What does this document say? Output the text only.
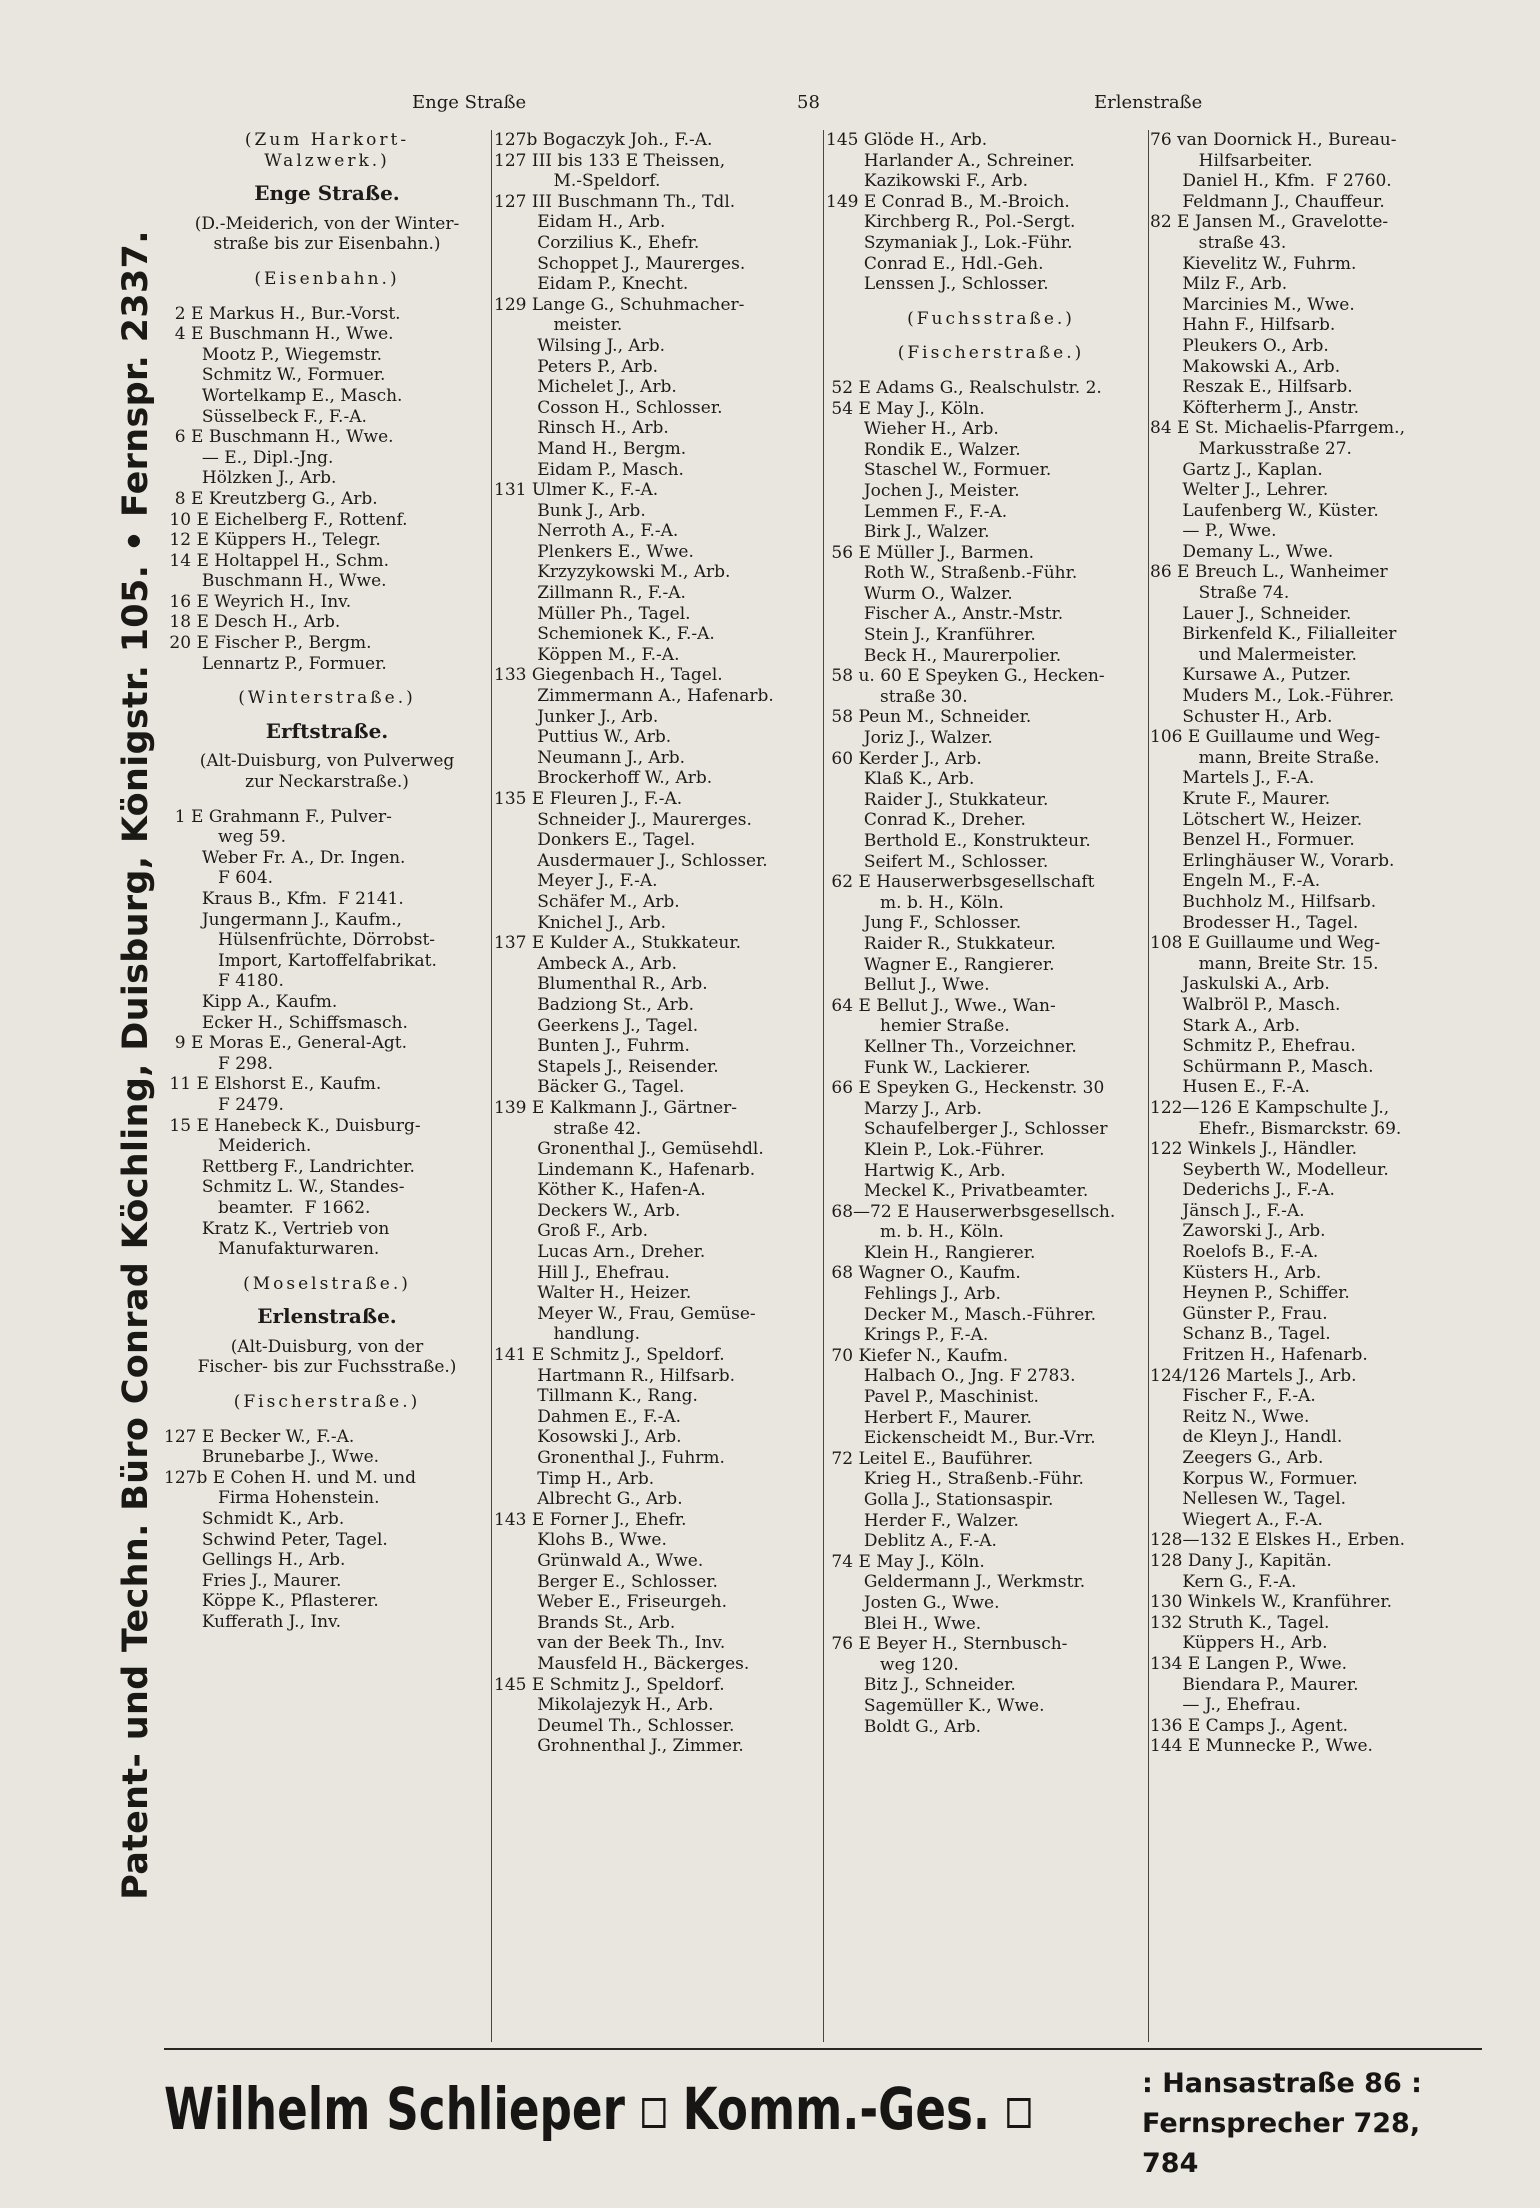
Patent- und Techn. Büro Conrad Köchling, Duisburg, Königstr. 105. • Fernspr. 2337.
Enge Straße	58	Erlenstraße
(Zum Harkort-
Walzwerk.)
Enge Straße.
(D.-Meiderich, von der Winter-
straße bis zur Eisenbahn.)
(Eisenbahn.)
2 E Markus H., Bur.-Vorst.
4 E Buschmann H., Wwe.
Mootz P., Wiegemstr.
Schmitz W., Formuer.
Wortelkamp E., Masch.
Süsselbeck F., F.-A.
6 E Buschmann H., Wwe.
— E., Dipl.-Jng.
Hölzken J., Arb.
8 E Kreutzberg G., Arb.
10 E Eichelberg F., Rottenf.
12 E Küppers H., Telegr.
14 E Holtappel H., Schm.
Buschmann H., Wwe.
16 E Weyrich H., Inv.
18 E Desch H., Arb.
20 E Fischer P., Bergm.
Lennartz P., Formuer.
(Winterstraße.)
Erftstraße.
(Alt-Duisburg, von Pulverweg
zur Neckarstraße.)
1 E Grahmann F., Pulver-
weg 59.
Weber Fr. A., Dr. Ingen.
F 604.
Kraus B., Kfm.  F 2141.
Jungermann J., Kaufm.,
Hülsenfrüchte, Dörrobst-
Import, Kartoffelfabrikat.
F 4180.
Kipp A., Kaufm.
Ecker H., Schiffsmasch.
9 E Moras E., General-Agt.
F 298.
11 E Elshorst E., Kaufm.
F 2479.
15 E Hanebeck K., Duisburg-
Meiderich.
Rettberg F., Landrichter.
Schmitz L. W., Standes-
beamter.  F 1662.
Kratz K., Vertrieb von
Manufakturwaren.
(Moselstraße.)
Erlenstraße.
(Alt-Duisburg, von der
Fischer- bis zur Fuchsstraße.)
(Fischerstraße.)
127 E Becker W., F.-A.
Brunebarbe J., Wwe.
127b E Cohen H. und M. und
Firma Hohenstein.
Schmidt K., Arb.
Schwind Peter, Tagel.
Gellings H., Arb.
Fries J., Maurer.
Köppe K., Pflasterer.
Kufferath J., Inv.
127b Bogaczyk Joh., F.-A.
127 III bis 133 E Theissen,
M.-Speldorf.
127 III Buschmann Th., Tdl.
Eidam H., Arb.
Corzilius K., Ehefr.
Schoppet J., Maurerges.
Eidam P., Knecht.
129 Lange G., Schuhmacher-
meister.
Wilsing J., Arb.
Peters P., Arb.
Michelet J., Arb.
Cosson H., Schlosser.
Rinsch H., Arb.
Mand H., Bergm.
Eidam P., Masch.
131 Ulmer K., F.-A.
Bunk J., Arb.
Nerroth A., F.-A.
Plenkers E., Wwe.
Krzyzykowski M., Arb.
Zillmann R., F.-A.
Müller Ph., Tagel.
Schemionek K., F.-A.
Köppen M., F.-A.
133 Giegenbach H., Tagel.
Zimmermann A., Hafenarb.
Junker J., Arb.
Puttius W., Arb.
Neumann J., Arb.
Brockerhoff W., Arb.
135 E Fleuren J., F.-A.
Schneider J., Maurerges.
Donkers E., Tagel.
Ausdermauer J., Schlosser.
Meyer J., F.-A.
Schäfer M., Arb.
Knichel J., Arb.
137 E Kulder A., Stukkateur.
Ambeck A., Arb.
Blumenthal R., Arb.
Badziong St., Arb.
Geerkens J., Tagel.
Bunten J., Fuhrm.
Stapels J., Reisender.
Bäcker G., Tagel.
139 E Kalkmann J., Gärtner-
straße 42.
Gronenthal J., Gemüsehdl.
Lindemann K., Hafenarb.
Köther K., Hafen-A.
Deckers W., Arb.
Groß F., Arb.
Lucas Arn., Dreher.
Hill J., Ehefrau.
Walter H., Heizer.
Meyer W., Frau, Gemüse-
handlung.
141 E Schmitz J., Speldorf.
Hartmann R., Hilfsarb.
Tillmann K., Rang.
Dahmen E., F.-A.
Kosowski J., Arb.
Gronenthal J., Fuhrm.
Timp H., Arb.
Albrecht G., Arb.
143 E Forner J., Ehefr.
Klohs B., Wwe.
Grünwald A., Wwe.
Berger E., Schlosser.
Weber E., Friseurgeh.
Brands St., Arb.
van der Beek Th., Inv.
Mausfeld H., Bäckerges.
145 E Schmitz J., Speldorf.
Mikolajezyk H., Arb.
Deumel Th., Schlosser.
Grohnenthal J., Zimmer.
145 Glöde H., Arb.
Harlander A., Schreiner.
Kazikowski F., Arb.
149 E Conrad B., M.-Broich.
Kirchberg R., Pol.-Sergt.
Szymaniak J., Lok.-Führ.
Conrad E., Hdl.-Geh.
Lenssen J., Schlosser.
(Fuchsstraße.)
(Fischerstraße.)
52 E Adams G., Realschulstr. 2.
54 E May J., Köln.
Wieher H., Arb.
Rondik E., Walzer.
Staschel W., Formuer.
Jochen J., Meister.
Lemmen F., F.-A.
Birk J., Walzer.
56 E Müller J., Barmen.
Roth W., Straßenb.-Führ.
Wurm O., Walzer.
Fischer A., Anstr.-Mstr.
Stein J., Kranführer.
Beck H., Maurerpolier.
58 u. 60 E Speyken G., Hecken-
straße 30.
58 Peun M., Schneider.
Joriz J., Walzer.
60 Kerder J., Arb.
Klaß K., Arb.
Raider J., Stukkateur.
Conrad K., Dreher.
Berthold E., Konstrukteur.
Seifert M., Schlosser.
62 E Hauserwerbsgesellschaft
m. b. H., Köln.
Jung F., Schlosser.
Raider R., Stukkateur.
Wagner E., Rangierer.
Bellut J., Wwe.
64 E Bellut J., Wwe., Wan-
hemier Straße.
Kellner Th., Vorzeichner.
Funk W., Lackierer.
66 E Speyken G., Heckenstr. 30
Marzy J., Arb.
Schaufelberger J., Schlosser
Klein P., Lok.-Führer.
Hartwig K., Arb.
Meckel K., Privatbeamter.
68—72 E Hauserwerbsgesellsch.
m. b. H., Köln.
Klein H., Rangierer.
68 Wagner O., Kaufm.
Fehlings J., Arb.
Decker M., Masch.-Führer.
Krings P., F.-A.
70 Kiefer N., Kaufm.
Halbach O., Jng. F 2783.
Pavel P., Maschinist.
Herbert F., Maurer.
Eickenscheidt M., Bur.-Vrr.
72 Leitel E., Bauführer.
Krieg H., Straßenb.-Führ.
Golla J., Stationsaspir.
Herder F., Walzer.
Deblitz A., F.-A.
74 E May J., Köln.
Geldermann J., Werkmstr.
Josten G., Wwe.
Blei H., Wwe.
76 E Beyer H., Sternbusch-
weg 120.
Bitz J., Schneider.
Sagemüller K., Wwe.
Boldt G., Arb.
76 van Doornick H., Bureau-
Hilfsarbeiter.
Daniel H., Kfm.  F 2760.
Feldmann J., Chauffeur.
82 E Jansen M., Gravelotte-
straße 43.
Kievelitz W., Fuhrm.
Milz F., Arb.
Marcinies M., Wwe.
Hahn F., Hilfsarb.
Pleukers O., Arb.
Makowski A., Arb.
Reszak E., Hilfsarb.
Köfterherm J., Anstr.
84 E St. Michaelis-Pfarrgem.,
Markusstraße 27.
Gartz J., Kaplan.
Welter J., Lehrer.
Laufenberg W., Küster.
— P., Wwe.
Demany L., Wwe.
86 E Breuch L., Wanheimer
Straße 74.
Lauer J., Schneider.
Birkenfeld K., Filialleiter
und Malermeister.
Kursawe A., Putzer.
Muders M., Lok.-Führer.
Schuster H., Arb.
106 E Guillaume und Weg-
mann, Breite Straße.
Martels J., F.-A.
Krute F., Maurer.
Lötschert W., Heizer.
Benzel H., Formuer.
Erlinghäuser W., Vorarb.
Engeln M., F.-A.
Buchholz M., Hilfsarb.
Brodesser H., Tagel.
108 E Guillaume und Weg-
mann, Breite Str. 15.
Jaskulski A., Arb.
Walbröl P., Masch.
Stark A., Arb.
Schmitz P., Ehefrau.
Schürmann P., Masch.
Husen E., F.-A.
122—126 E Kampschulte J.,
Ehefr., Bismarckstr. 69.
122 Winkels J., Händler.
Seyberth W., Modelleur.
Dederichs J., F.-A.
Jänsch J., F.-A.
Zaworski J., Arb.
Roelofs B., F.-A.
Küsters H., Arb.
Heynen P., Schiffer.
Günster P., Frau.
Schanz B., Tagel.
Fritzen H., Hafenarb.
124/126 Martels J., Arb.
Fischer F., F.-A.
Reitz N., Wwe.
de Kleyn J., Handl.
Zeegers G., Arb.
Korpus W., Formuer.
Nellesen W., Tagel.
Wiegert A., F.-A.
128—132 E Elskes H., Erben.
128 Dany J., Kapitän.
Kern G., F.-A.
130 Winkels W., Kranführer.
132 Struth K., Tagel.
Küppers H., Arb.
134 E Langen P., Wwe.
Biendara P., Maurer.
— J., Ehefrau.
136 E Camps J., Agent.
144 E Munnecke P., Wwe.
Wilhelm Schlieper Komm.-Ges.	: Hansastraße 86 :
Fernsprecher 728, 784
